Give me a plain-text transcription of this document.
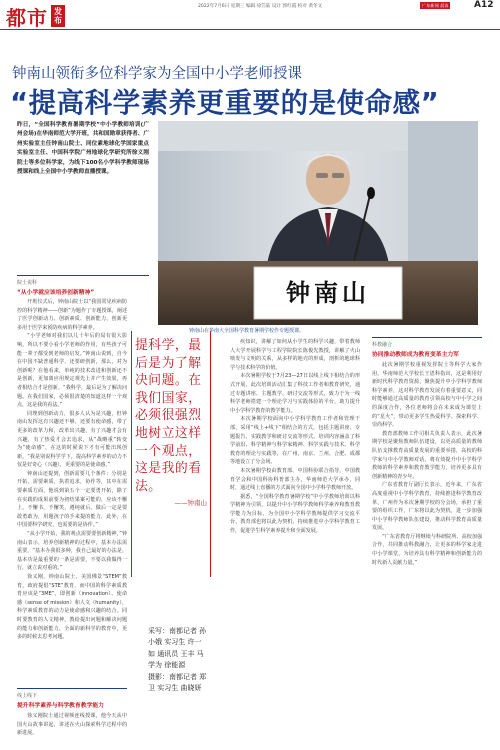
都市 发布
2022年7月6日 星期三 编辑 徐笠陆 设计 郭红霞 校对 黄冬文	广东新闻 晨读	A12
钟南山领衔多位科学家为全国中小学老师授课
“提高科学素养更重要的是使命感”
昨日，“全国科学教育暑期学校”中小学教师培训(广州会场)在华南师范大学开班，共和国勋章获得者、广州实验室主任钟南山院士、同位素地球化学国家重点实验室主任、中国科学院广州地球化学研究所徐义刚院士等多位科学家，为线下100名小学科学教师现场授课和线上全国中小学教师直播授课。
钟南山
钟南山在华南大全国科学教育暑期学校作专题授课。
院士说科
“从小学就应该培养创新精神”

开班仪式后，钟南山院士以“我国常见疾病防控的科学精神——创新”为题作了专题授课，阐述了医学创新动力、创新素质、创新能力、创新更多用于医学来预防疾病的科学素养。

“小学老师对我们以几十年后的局有很大影响，所以不要小看小学老师的作用，有些孩子可能一辈子都受到老师的启发。”钟南山说到，自今在中国不缺普通科学，还要研创新，那么，对为创新呢？在他看来，单纯的技术改进和创新还不是创新，更加离应用规定观先上并产生效果，再者相结合才是创新。“我科学，最后是为了解决问题。在我们国家，必须很清楚的知道这样一个观点，这是我的看法。”

同理到创新动力，很多人认为是兴趣，但钟南山发挥这有兴趣还不够，还要有使命感，带了更多的改革力和，改革出兴趣，有了兴趣才会有兴趣，有了热爱才会去追求，从“战略重”转变为“使命感”，在这的时候说下才有可能出现创新。“我是别说科学学下，提高科学素养的动力不仅是好奇心（兴趣），更重要的是使命感。”

钟南山还提到，创新需要几个条件：分别是开拓，需要素质，执着追求，协作等，其中在需要素质方面，他说到第五个一定要勇开拓，除了在实践的成果前要为初结果案可能的，应该不懈上，不懈书，不懈笑，遵纯就后，做后一定是要敢勇敢为，用题孩子的手来提的能力，此外，在中国要科学研究，也需要的是协作。”

“从小学开始，我的观点需要要创新精神，”钟南山表示，培养创新精神的过程中，基本办法需重要，“基本办我很多种，我自己最好的办法是，基本功是最重要的一条是需要，不要以我做得一行，就立说对重的。”

徐义刚，钟南山院士，美国佛景“STEM”教育，政府提倡“STE”教育，而中国的科学素质教育应该是“3ME”，即创新（innovation）、使命感（sense of mission）和人文（humanity），科学素质教育的动力是使命感和兴趣的结合。同时要教育的人文精神，教给提出问题和解决问题的能力和创新能力，全面的新科学的教育中，更多的时候去思考问题。

线上线下
提升科学素养与科学教育教学能力

徐义刚院士通过视频连线授课，他今天从中国火山故事讲起，讲述在火山探索科学过程中的新进展。

提科学，最后是为了解决问题。在我们国家，必须很强烈地树立这样一个观点，这是我的看法。
——钟南山
采写：南都记者 孙
小娥 实习生 许一
如 通讯员 王丰 马
学为 徐能源
摄影：南都记者 郑
卫 实习生 曲晓妍

疾知识，讲解了如何从小学生的科学兴趣，带着教师人大学开展科学与工程学院院长陈俊先教授，讲解了火山喷发与文明的关系，从多样的地壳的形成，剖析的地球科学与技术科学的价值。

本次暑期学校于7月23—27日以线上线下相结合的形式开展，此次培训活动汇集了科技工作者和教育研究，通过专题讲座、主题教学、研讨交流等形式，致力于为一线科学老师搭建一个理论学习与实践体验的平台，助力提升中小学科学教育的教学能力。

本次暑期学校面向中小学科学教育工作者和管理干部，采用“线上+线下”相结合的方式，包括主题讲座、专题报告、实践教学和研讨交流等形式，培训内容涵盖了科学前沿、科学精神与科学家精神、科学实践与技术、科学教育的理论与实践等，在广州、南京、兰州、合肥、成都等地设立了分会场。

本次暑期学校由教育部、中国科协联合指导，中国教育学会和中国科协科普部主办，华南师范大学承办，同时，通过线上直播的方式面向全国中小学科学教师开放。

据悉，“全国科学教育暑期学校”中小学教师培训以科学精神为引领，以提升中小学科学教师科学素养和教育教学能力为目标，为全国中小学科学教师提供学习交流平台，教育部也将以此为契机，持续推进中小学科学教育工作，促进学生科学素养提升和全面发展。

科教融合
协同推动教师成为教育变革主力军

此次暑期学校重视发挥院士等科学大家作用，华南师范大学校长王恩科指出，这是利用好新时代科学教育资源，聚焦提升中小学科学教师科学素养，这对科学教育发展有着重要意义，同时能够通过高质量的教育引领高校与中小学之间的深度合作，各位老师将会在未来成为课堂上的“星火”，带动更多学生热爱科学、探索科学、崇尚科学。

教育部教师工作司相关负责人表示，此次暑期学校是聚焦教师队伍建设，以更高质量的教师队伍支撑教育高质量发展的重要举措，高校的科学家与中小学教师对话，将有效提升中小学科学教师的科学素养和教育教学能力，培养更多具有创新精神的青少年。

广东省教育厅副厅长表示，近年来，广东省高度重视中小学科学教育，持续推进科学教育改革，广州作为本次暑期学校的分会场，承担了重要的组织工作，广东将以此为契机，进一步加强中小学科学教师队伍建设，推动科学教育高质量发展。

“广东省教育厅将继续与科研院所、高校加强合作，共同推动科教融合，让更多的科学家走进中小学课堂，为培养具有科学精神和创新能力的时代新人贡献力量。”
